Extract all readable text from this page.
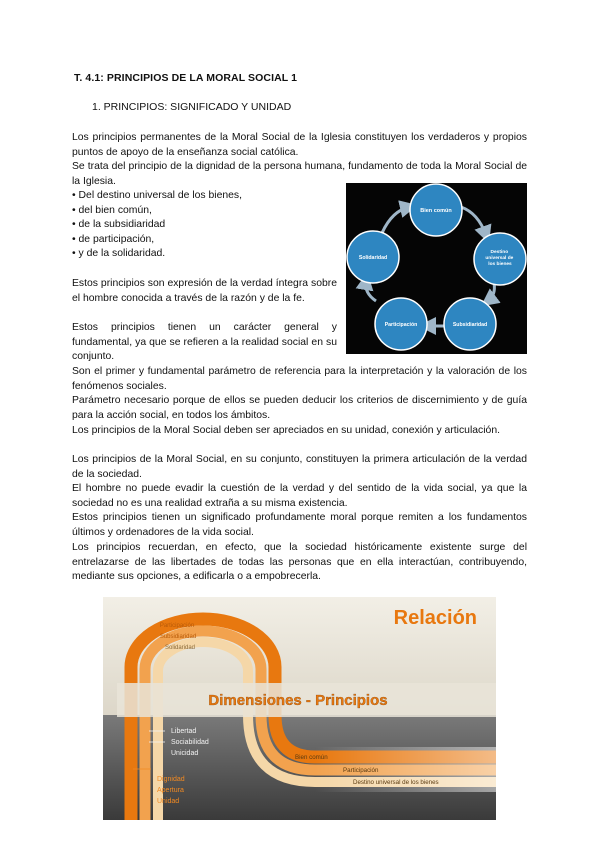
T. 4.1: PRINCIPIOS DE LA MORAL SOCIAL 1
1. PRINCIPIOS: SIGNIFICADO Y UNIDAD

Los principios permanentes de la Moral Social de la Iglesia constituyen los verdaderos y propios puntos de apoyo de la enseñanza social católica.

Se trata del principio de la dignidad de la persona humana, fundamento de toda la Moral Social de la Iglesia.

• Del destino universal de los bienes,
• del bien común,
• de la subsidiaridad
• de participación,
• y de la solidaridad.

Estos principios son expresión de la verdad íntegra sobre el hombre conocida a través de la razón y de la fe.

Estos principios tienen un carácter general y fundamental, ya que se refieren a la realidad social en su conjunto.

Son el primer y fundamental parámetro de referencia para la interpretación y la valoración de los fenómenos sociales.

Parámetro necesario porque de ellos se pueden deducir los criterios de discernimiento y de guía para la acción social, en todos los ámbitos.

Los principios de la Moral Social deben ser apreciados en su unidad, conexión y articulación.

Los principios de la Moral Social, en su conjunto, constituyen la primera articulación de la verdad de la sociedad.

El hombre no puede evadir la cuestión de la verdad y del sentido de la vida social, ya que la sociedad no es una realidad extraña a su misma existencia.

Estos principios tienen un significado profundamente moral porque remiten a los fundamentos últimos y ordenadores de la vida social.

Los principios recuerdan, en efecto, que la sociedad históricamente existente surge del entrelazarse de las libertades de todas las personas que en ella interactúan, contribuyendo, mediante sus opciones, a edificarla o a empobrecerla.

Bien común
Destino universal de los bienes
Subsidiaridad
Participación
Solidaridad
Participación
Subsidiaridad
Solidaridad
Relación
Dimensiones - Principios
Libertad
Sociabilidad
Unicidad
Dignidad
Apertura
Unidad
Bien común
Participación
Destino universal de los bienes
